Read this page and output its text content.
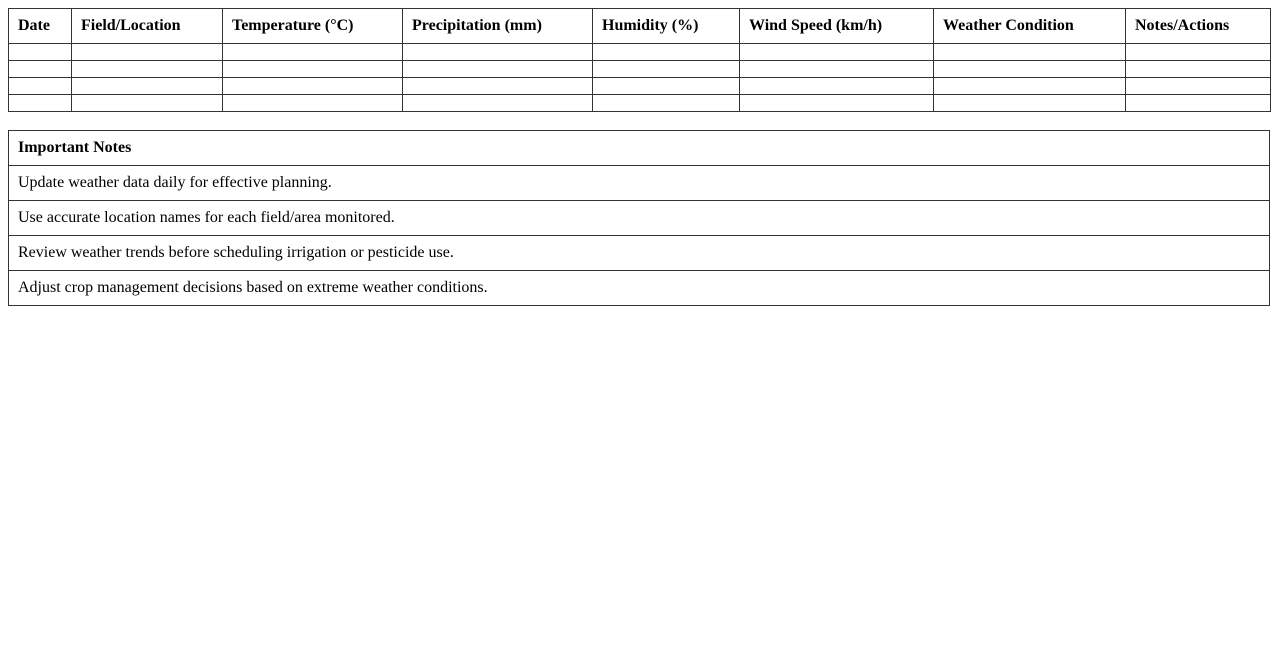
Date	Field/Location	Temperature (°C)	Precipitation (mm)	Humidity (%)	Wind Speed (km/h)	Weather Condition	Notes/Actions

Important Notes
Update weather data daily for effective planning.
Use accurate location names for each field/area monitored.
Review weather trends before scheduling irrigation or pesticide use.
Adjust crop management decisions based on extreme weather conditions.
